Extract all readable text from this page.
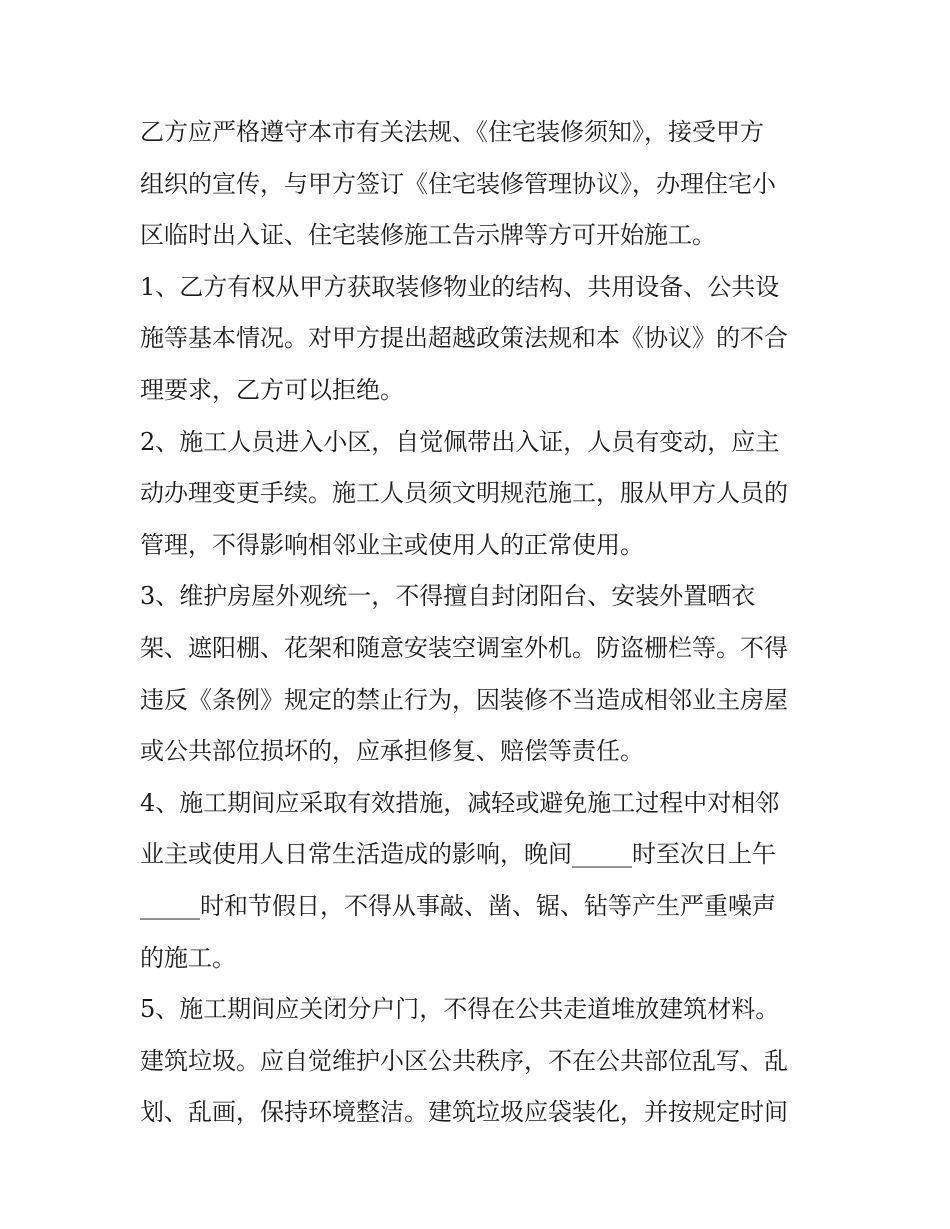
乙方应严格遵守本市有关法规、《住宅装修须知》，接受甲方
组织的宣传，与甲方签订《住宅装修管理协议》，办理住宅小
区临时出入证、住宅装修施工告示牌等方可开始施工。
1、乙方有权从甲方获取装修物业的结构、共用设备、公共设
施等基本情况。对甲方提出超越政策法规和本《协议》的不合
理要求，乙方可以拒绝。
2、施工人员进入小区，自觉佩带出入证，人员有变动，应主
动办理变更手续。施工人员须文明规范施工，服从甲方人员的
管理，不得影响相邻业主或使用人的正常使用。
3、维护房屋外观统一，不得擅自封闭阳台、安装外置晒衣
架、遮阳棚、花架和随意安装空调室外机。防盗栅栏等。不得
违反《条例》规定的禁止行为，因装修不当造成相邻业主房屋
或公共部位损坏的，应承担修复、赔偿等责任。
4、施工期间应采取有效措施，减轻或避免施工过程中对相邻
业主或使用人日常生活造成的影响，晚间_____时至次日上午
_____时和节假日，不得从事敲、凿、锯、钻等产生严重噪声
的施工。
5、施工期间应关闭分户门，不得在公共走道堆放建筑材料。
建筑垃圾。应自觉维护小区公共秩序，不在公共部位乱写、乱
划、乱画，保持环境整洁。建筑垃圾应袋装化，并按规定时间
